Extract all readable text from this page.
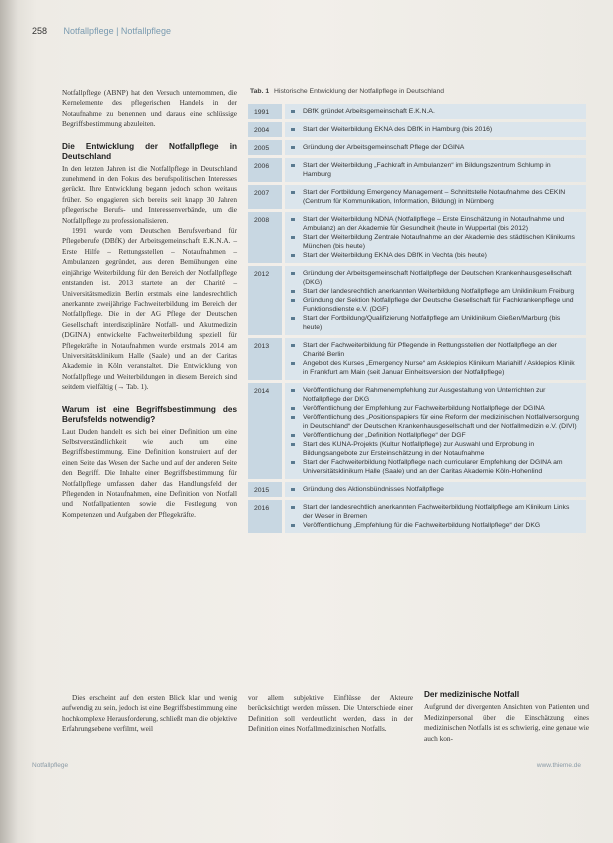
258 Notfallpflege | Notfallpflege

Notfallpflege (ABNP) hat den Versuch unternommen, die Kernelemente des pflegerischen Handels in der Notaufnahme zu benennen und daraus eine schlüssige Begriffsbestimmung abzuleiten.

Die Entwicklung der Notfallpflege in Deutschland

In den letzten Jahren ist die Notfallpflege in Deutschland zunehmend in den Fokus des berufspolitischen Interesses gerückt. Ihre Entwicklung begann jedoch schon weitaus früher. So engagieren sich bereits seit knapp 30 Jahren pflegerische Berufs- und Interessenverbände, um die Notfallpflege zu professionalisieren.

1991 wurde vom Deutschen Berufsverband für Pflegeberufe (DBfK) der Arbeitsgemeinschaft E.K.N.A. – Erste Hilfe – Rettungsstellen – Notaufnahmen – Ambulanzen gegründet, aus deren Bemühungen eine einjährige Weiterbildung für den Bereich der Notfallpflege entstanden ist. 2013 startete an der Charité – Universitätsmedizin Berlin erstmals eine landesrechtlich anerkannte zweijährige Fachweiterbildung im Bereich der Notfallpflege. Die in der AG Pflege der Deutschen Gesellschaft interdisziplinäre Notfall- und Akutmedizin (DGINA) entwickelte Fachweiterbildung speziell für Pflegekräfte in Notaufnahmen wurde erstmals 2014 am Universitätsklinikum Halle (Saale) und an der Caritas Akademie in Köln veranstaltet. Die Entwicklung von Notfallpflege und Weiterbildungen in diesem Bereich sind seitdem vielfältig (→ Tab. 1).

Warum ist eine Begriffsbestimmung des Berufsfelds notwendig?

Laut Duden handelt es sich bei einer Definition um eine Selbstverständlichkeit wie auch um eine Begriffsbestimmung. Eine Definition konstruiert auf der einen Seite das Wesen der Sache und auf der anderen Seite den Begriff. Die Inhalte einer Begriffsbestimmung für Notfallpflege umfassen daher das Handlungsfeld der Pflegenden in Notaufnahmen, eine Definition von Notfall und Notfallpatienten sowie die Festlegung von Kompetenzen und Aufgaben der Pflegekräfte.

Tab. 1 Historische Entwicklung der Notfallpflege in Deutschland
1991	DBfK gründet Arbeitsgemeinschaft E.K.N.A.
2004	Start der Weiterbildung EKNA des DBfK in Hamburg (bis 2016)
2005	Gründung der Arbeitsgemeinschaft Pflege der DGINA
2006	Start der Weiterbildung „Fachkraft in Ambulanzen“ im Bildungszentrum Schlump in Hamburg
2007	Start der Fortbildung Emergency Management – Schnittstelle Notaufnahme des CEKIN (Centrum für Kommunikation, Information, Bildung) in Nürnberg
2008	Start der Weiterbildung NDNA (Notfallpflege – Erste Einschätzung in Notaufnahme und Ambulanz) an der Akademie für Gesundheit (heute in Wuppertal (bis 2012)
Start der Weiterbildung Zentrale Notaufnahme an der Akademie des städtischen Klinikums München (bis heute)
Start der Weiterbildung EKNA des DBfK in Vechta (bis heute)
2012	Gründung der Arbeitsgemeinschaft Notfallpflege der Deutschen Krankenhausgesellschaft (DKG)
Start der landesrechtlich anerkannten Weiterbildung Notfallpflege am Uniklinikum Freiburg
Gründung der Sektion Notfallpflege der Deutsche Gesellschaft für Fachkrankenpflege und Funktionsdienste e.V. (DGF)
Start der Fortbildung/Qualifizierung Notfallpflege am Uniklinikum Gießen/Marburg (bis heute)
2013	Start der Fachweiterbildung für Pflegende in Rettungsstellen der Notfallpflege an der Charité Berlin
Angebot des Kurses „Emergency Nurse“ am Asklepios Klinikum Mariahilf / Asklepios Klinik in Frankfurt am Main (seit Januar Einheitsversion der Notfallpflege)
2014	Veröffentlichung der Rahmenempfehlung zur Ausgestaltung von Unterrichten zur Notfallpflege der DKG
Veröffentlichung der Empfehlung zur Fachweiterbildung Notfallpflege der DGINA
Veröffentlichung des „Positionspapiers für eine Reform der medizinischen Notfallversorgung in Deutschland“ der Deutschen Krankenhausgesellschaft und der Notfallmedizin e.V. (DIVI)
Veröffentlichung der „Definition Notfallpflege“ der DGF
Start des KUNA-Projekts (Kultur Notfallpflege) zur Auswahl und Erprobung in Bildungsangebote zur Ersteinschätzung in der Notaufnahme
Start der Fachweiterbildung Notfallpflege nach curricularer Empfehlung der DGINA am Universitätsklinikum Halle (Saale) und an der Caritas Akademie Köln-Hohenlind
2015	Gründung des Aktionsbündnisses Notfallpflege
2016	Start der landesrechtlich anerkannten Fachweiterbildung Notfallpflege am Klinikum Links der Weser in Bremen
Veröffentlichung „Empfehlung für die Fachweiterbildung Notfallpflege“ der DKG

Dies erscheint auf den ersten Blick klar und wenig aufwendig zu sein, jedoch ist eine Begriffsbestimmung eine hochkomplexe Herausforderung, schließt man die objektive Erfahrungsebene verfilmt, weil

vor allem subjektive Einflüsse der Akteure berücksichtigt werden müssen. Die Unterschiede einer Definition soll verdeutlicht werden, dass in der Definition eines Notfallmedizinischen Notfalls.

Der medizinische Notfall

Aufgrund der divergenten Ansichten von Patienten und Medizinpersonal über die Einschätzung eines medizinischen Notfalls ist es schwierig, eine genaue wie auch kon-

Notfallpflege	www.thieme.de
